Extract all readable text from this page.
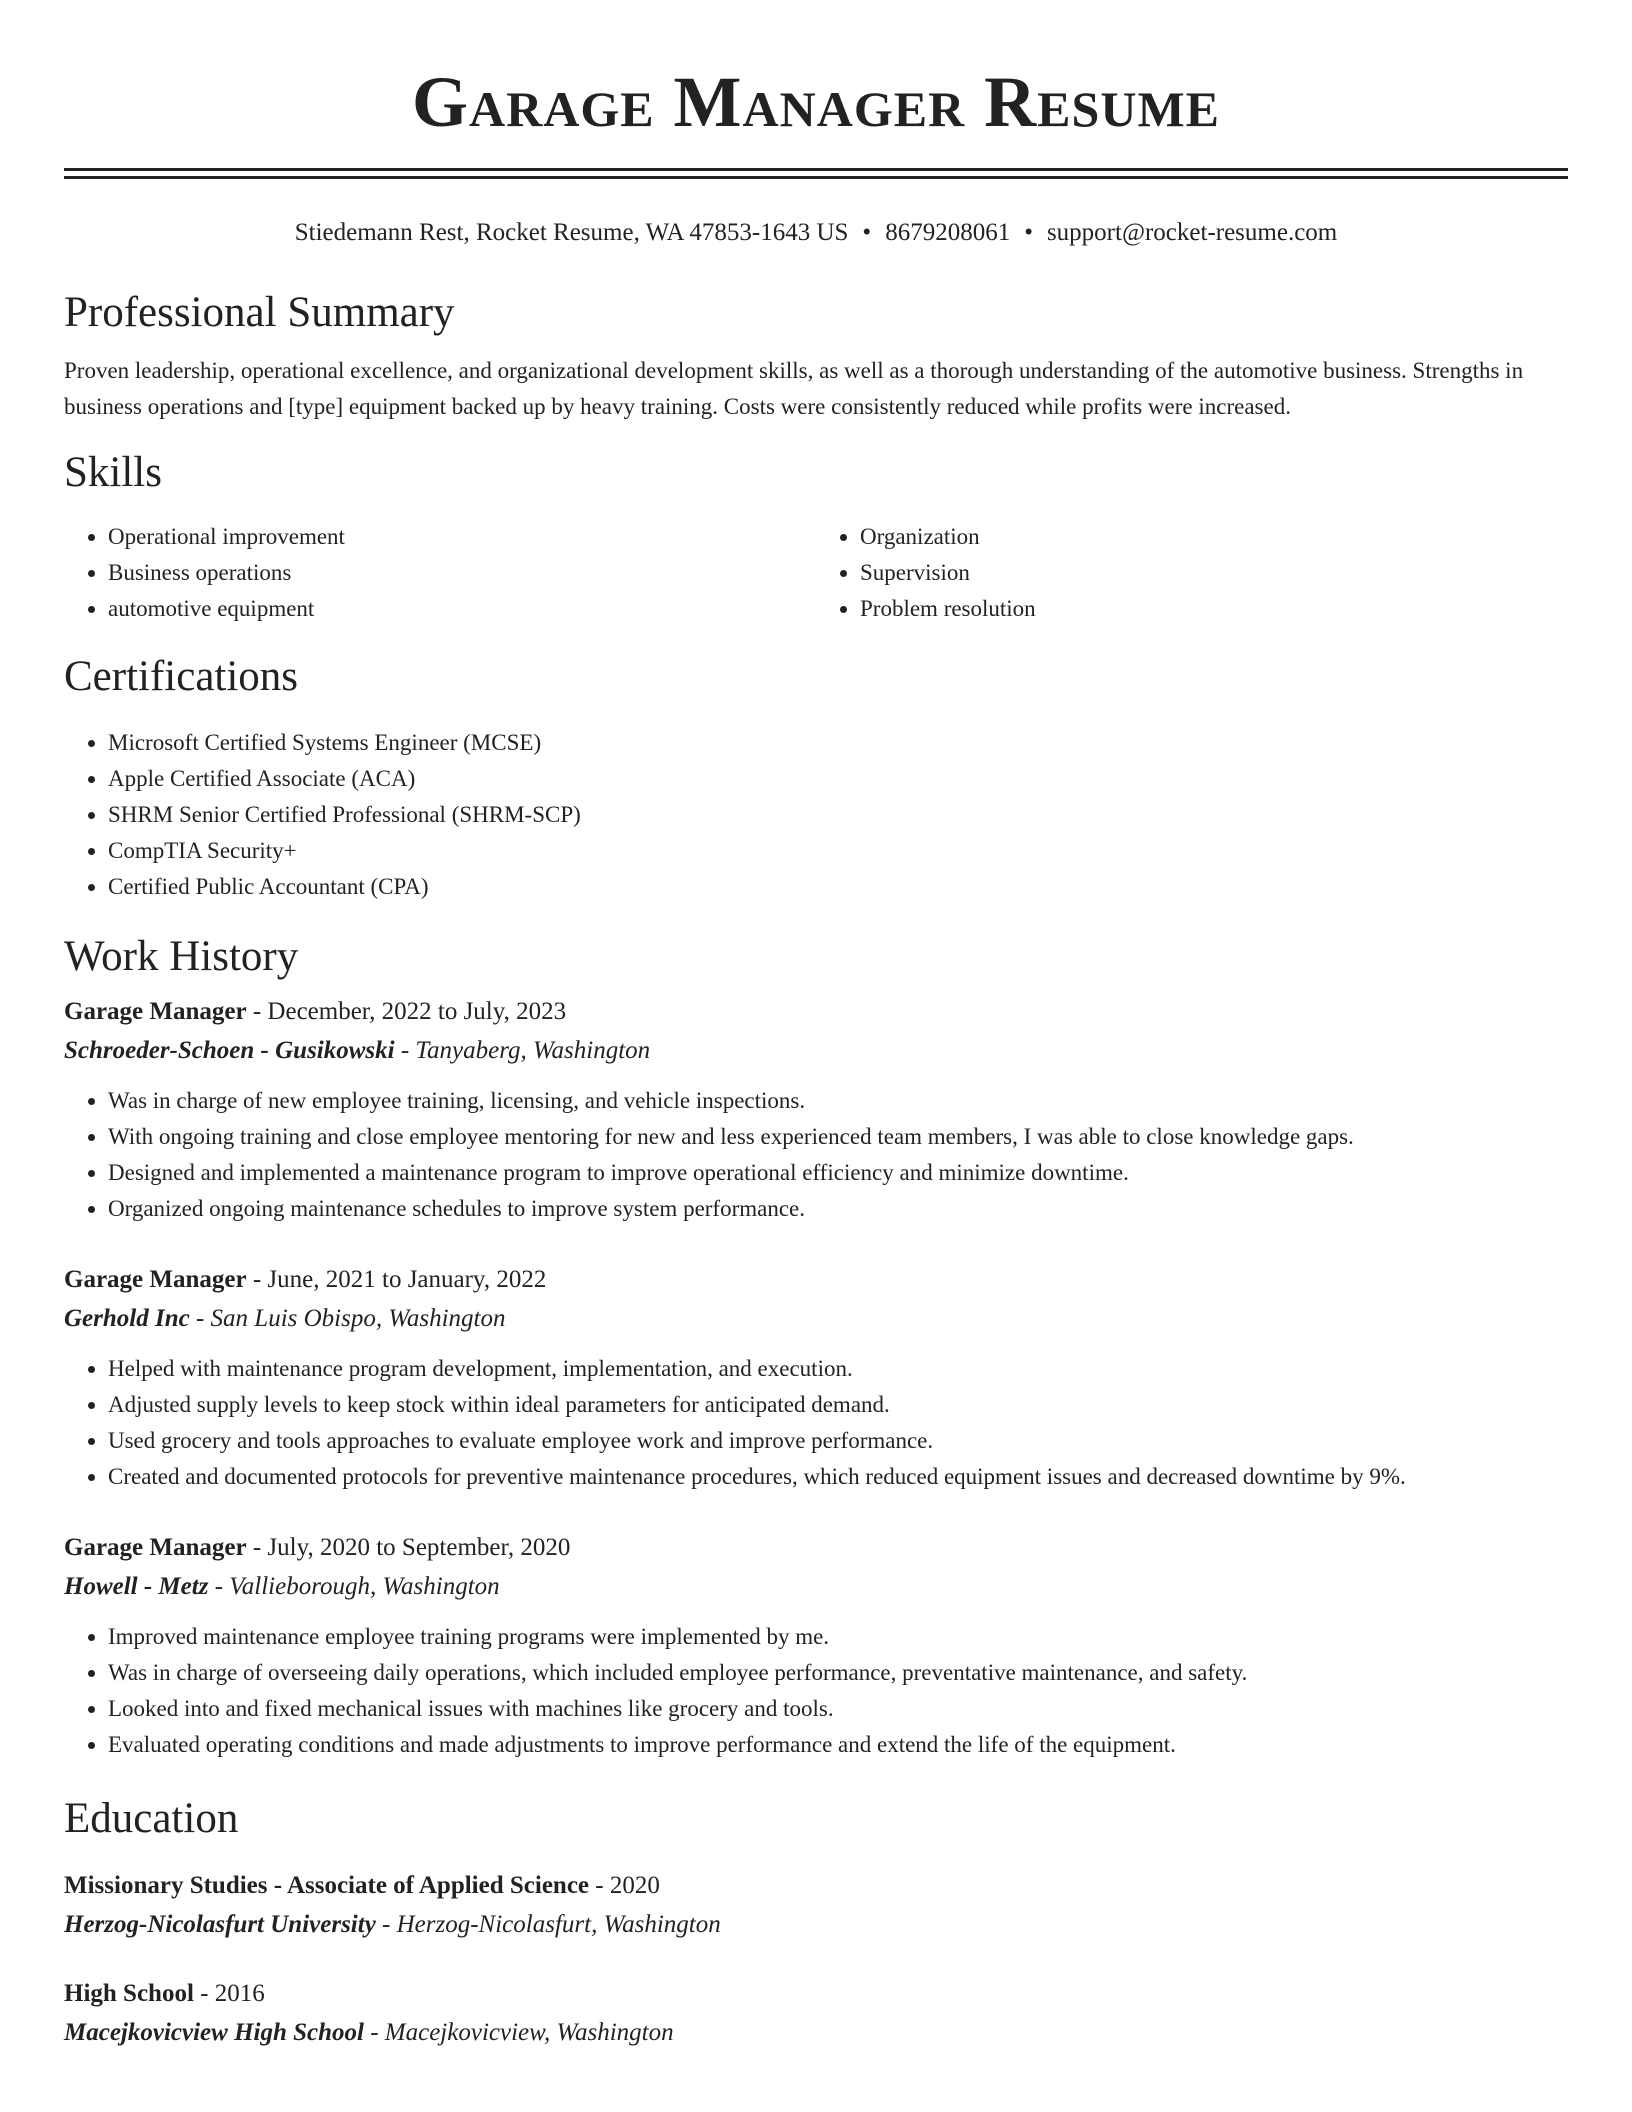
Garage Manager Resume
Stiedemann Rest, Rocket Resume, WA 47853-1643 US • 8679208061 • support@rocket-resume.com
Professional Summary

Proven leadership, operational excellence, and organizational development skills, as well as a thorough understanding of the automotive business. Strengths in business operations and [type] equipment backed up by heavy training. Costs were consistently reduced while profits were increased.

Skills
• Operational improvement
• Business operations
• automotive equipment
• Organization
• Supervision
• Problem resolution
Certifications
• Microsoft Certified Systems Engineer (MCSE)
• Apple Certified Associate (ACA)
• SHRM Senior Certified Professional (SHRM-SCP)
• CompTIA Security+
• Certified Public Accountant (CPA)
Work History
Garage Manager - December, 2022 to July, 2023
Schroeder-Schoen - Gusikowski - Tanyaberg, Washington
• Was in charge of new employee training, licensing, and vehicle inspections.
• With ongoing training and close employee mentoring for new and less experienced team members, I was able to close knowledge gaps.
• Designed and implemented a maintenance program to improve operational efficiency and minimize downtime.
• Organized ongoing maintenance schedules to improve system performance.
Garage Manager - June, 2021 to January, 2022
Gerhold Inc - San Luis Obispo, Washington
• Helped with maintenance program development, implementation, and execution.
• Adjusted supply levels to keep stock within ideal parameters for anticipated demand.
• Used grocery and tools approaches to evaluate employee work and improve performance.
• Created and documented protocols for preventive maintenance procedures, which reduced equipment issues and decreased downtime by 9%.
Garage Manager - July, 2020 to September, 2020
Howell - Metz - Vallieborough, Washington
• Improved maintenance employee training programs were implemented by me.
• Was in charge of overseeing daily operations, which included employee performance, preventative maintenance, and safety.
• Looked into and fixed mechanical issues with machines like grocery and tools.
• Evaluated operating conditions and made adjustments to improve performance and extend the life of the equipment.
Education
Missionary Studies - Associate of Applied Science - 2020
Herzog-Nicolasfurt University - Herzog-Nicolasfurt, Washington
High School - 2016
Macejkovicview High School - Macejkovicview, Washington
